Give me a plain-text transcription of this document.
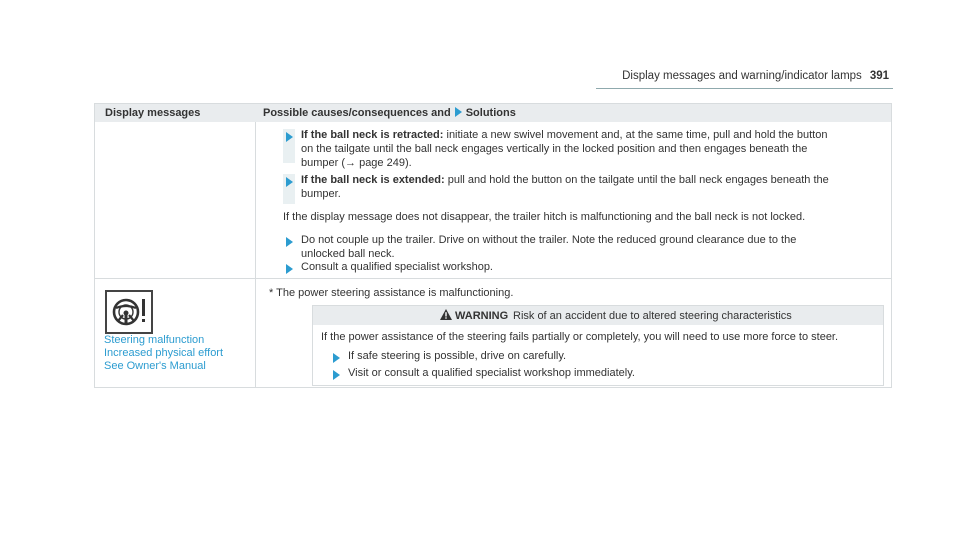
Display messages and warning/indicator lamps 391
Display messages	Possible causes/consequences and Solutions
If the ball neck is retracted: initiate a new swivel movement and, at the same time, pull and hold the button
on the tailgate until the ball neck engages vertically in the locked position and then engages beneath the
bumper (→ page 249).
If the ball neck is extended: pull and hold the button on the tailgate until the ball neck engages beneath the
bumper.
If the display message does not disappear, the trailer hitch is malfunctioning and the ball neck is not locked.
Do not couple up the trailer. Drive on without the trailer. Note the reduced ground clearance due to the
unlocked ball neck.
Consult a qualified specialist workshop.
Steering malfunction
Increased physical effort
See Owner's Manual
* The power steering assistance is malfunctioning.
WARNING Risk of an accident due to altered steering characteristics
If the power assistance of the steering fails partially or completely, you will need to use more force to steer.
If safe steering is possible, drive on carefully.
Visit or consult a qualified specialist workshop immediately.
